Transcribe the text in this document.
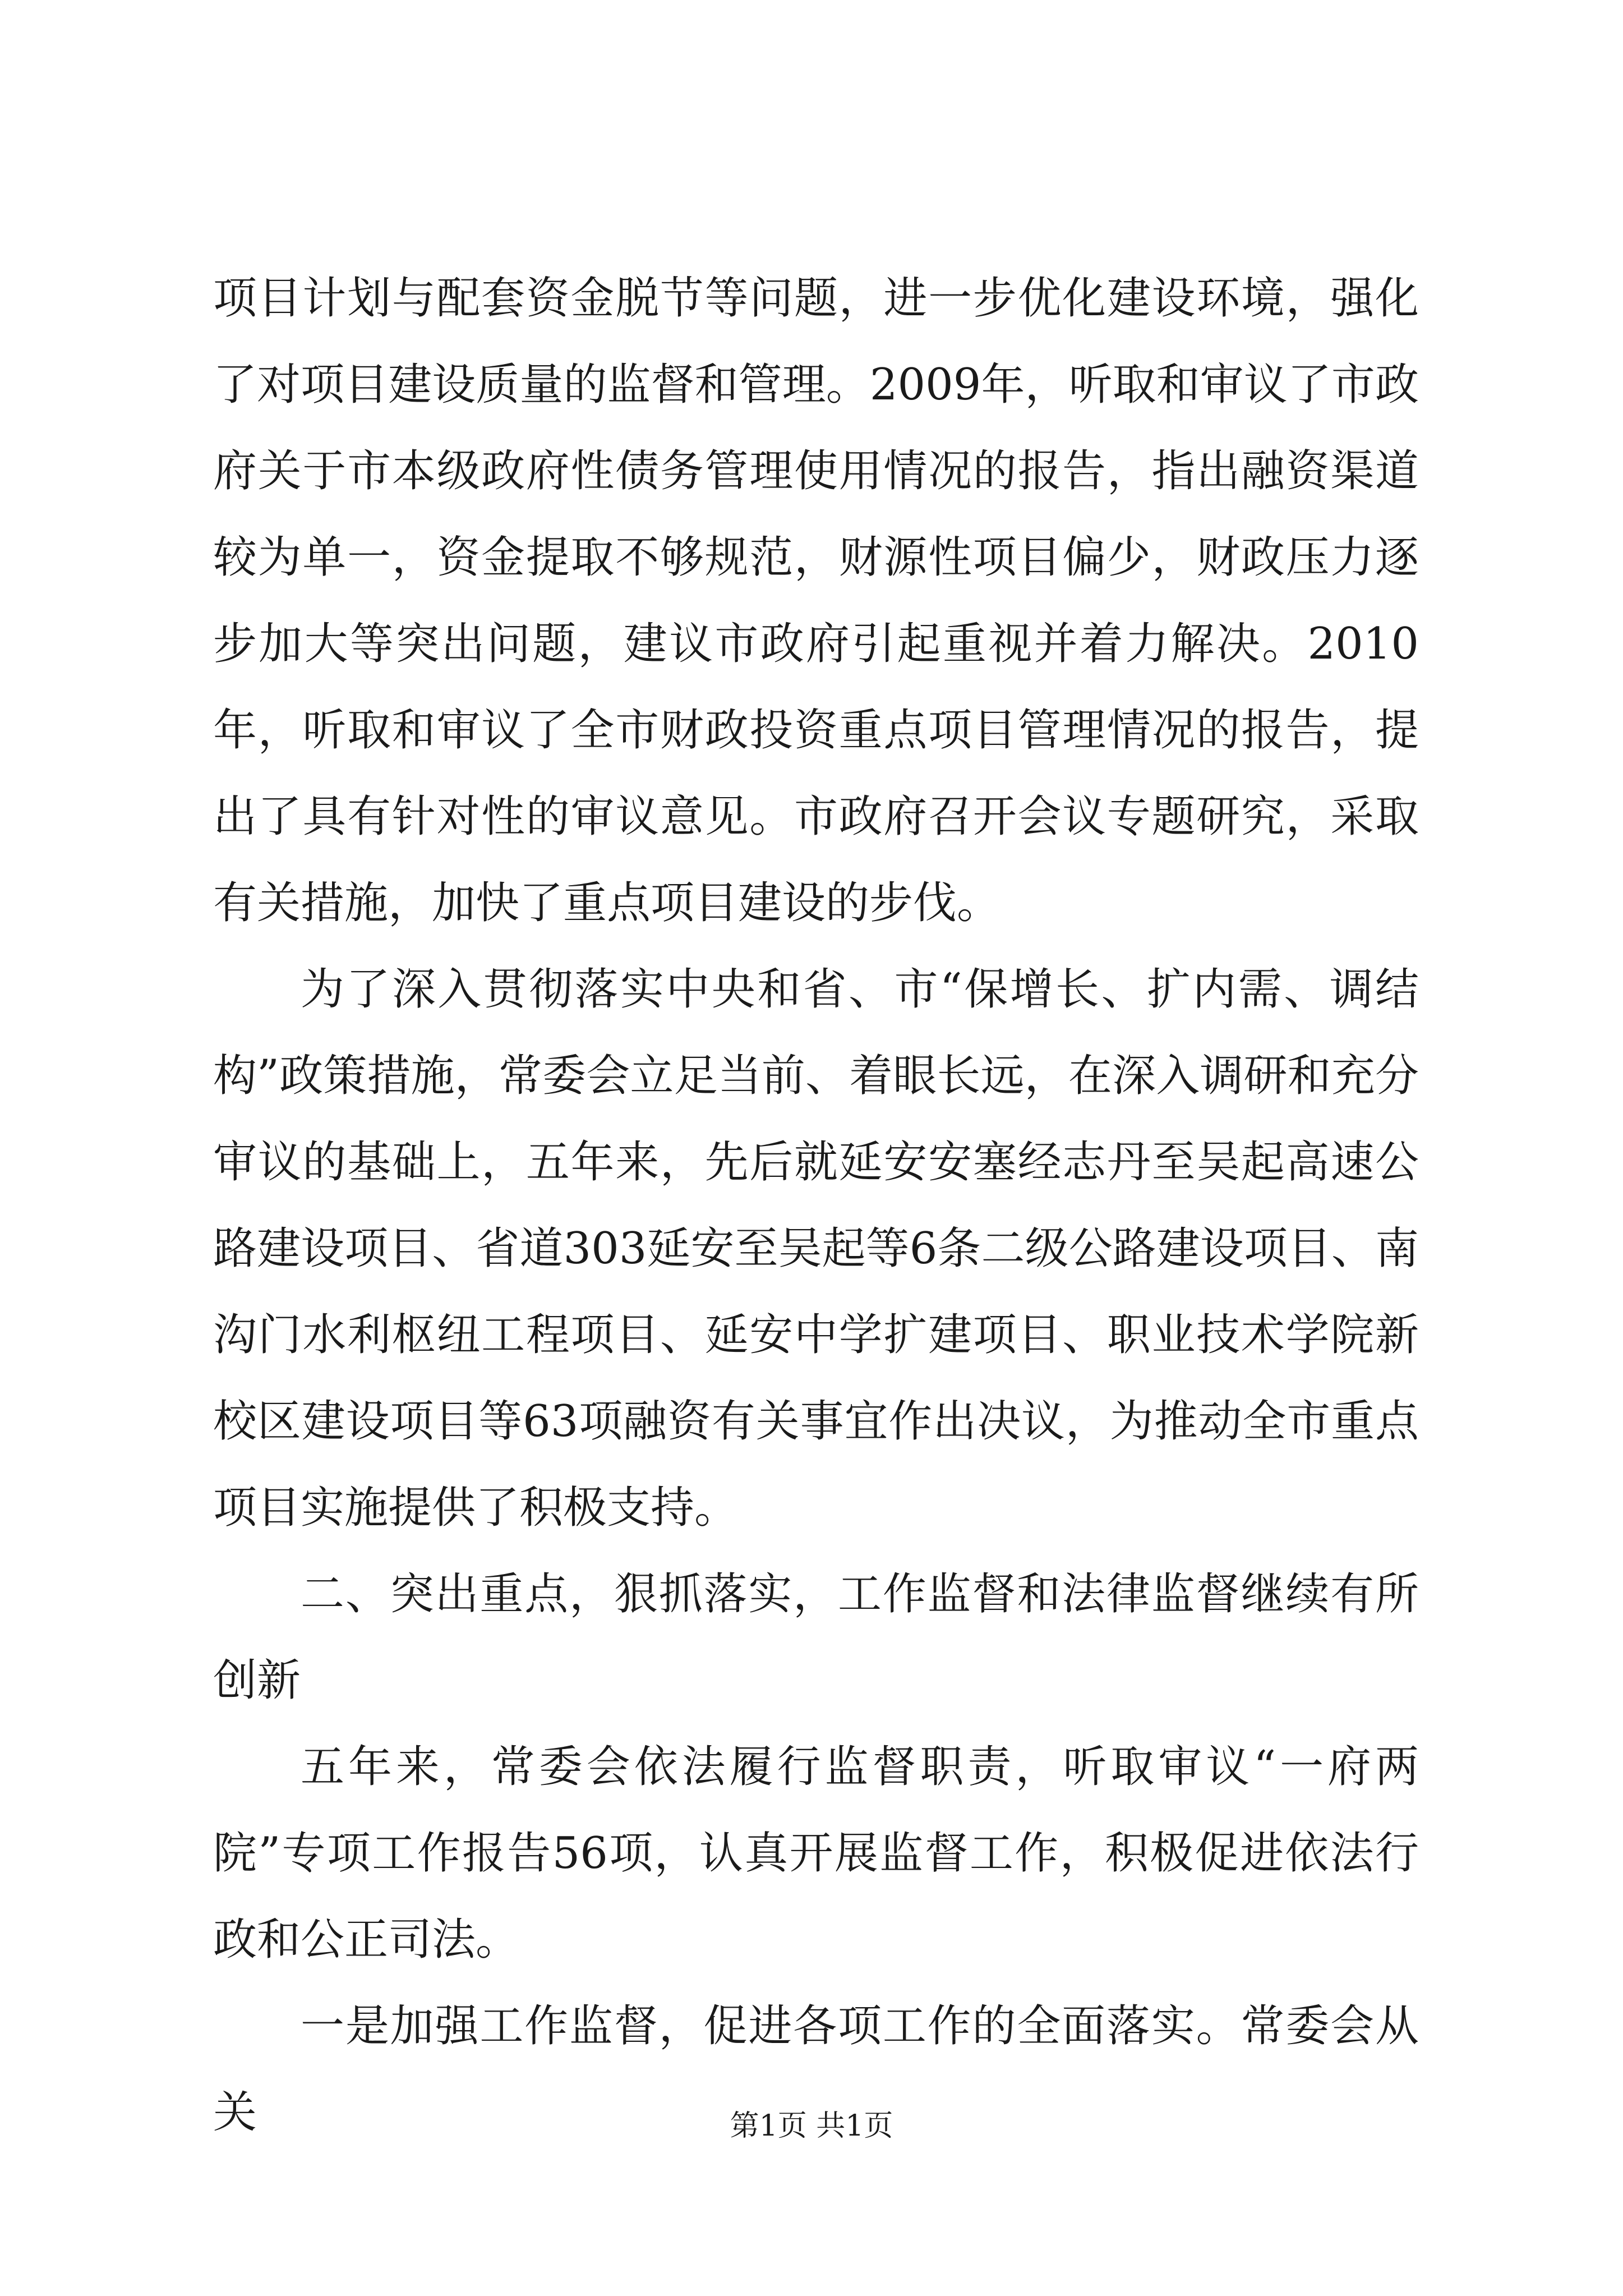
项目计划与配套资金脱节等问题，进一步优化建设环境，强化了对项目建设质量的监督和管理。2009年，听取和审议了市政府关于市本级政府性债务管理使用情况的报告，指出融资渠道较为单一，资金提取不够规范，财源性项目偏少，财政压力逐步加大等突出问题，建议市政府引起重视并着力解决。2010年，听取和审议了全市财政投资重点项目管理情况的报告，提出了具有针对性的审议意见。市政府召开会议专题研究，采取有关措施，加快了重点项目建设的步伐。

为了深入贯彻落实中央和省、市“保增长、扩内需、调结构”政策措施，常委会立足当前、着眼长远，在深入调研和充分审议的基础上，五年来，先后就延安安塞经志丹至吴起高速公路建设项目、省道303延安至吴起等6条二级公路建设项目、南沟门水利枢纽工程项目、延安中学扩建项目、职业技术学院新校区建设项目等63项融资有关事宜作出决议，为推动全市重点项目实施提供了积极支持。

二、突出重点，狠抓落实，工作监督和法律监督继续有所创新

五年来，常委会依法履行监督职责，听取审议“一府两院”专项工作报告56项，认真开展监督工作，积极促进依法行政和公正司法。

一是加强工作监督，促进各项工作的全面落实。常委会从关	第1页 共1页
